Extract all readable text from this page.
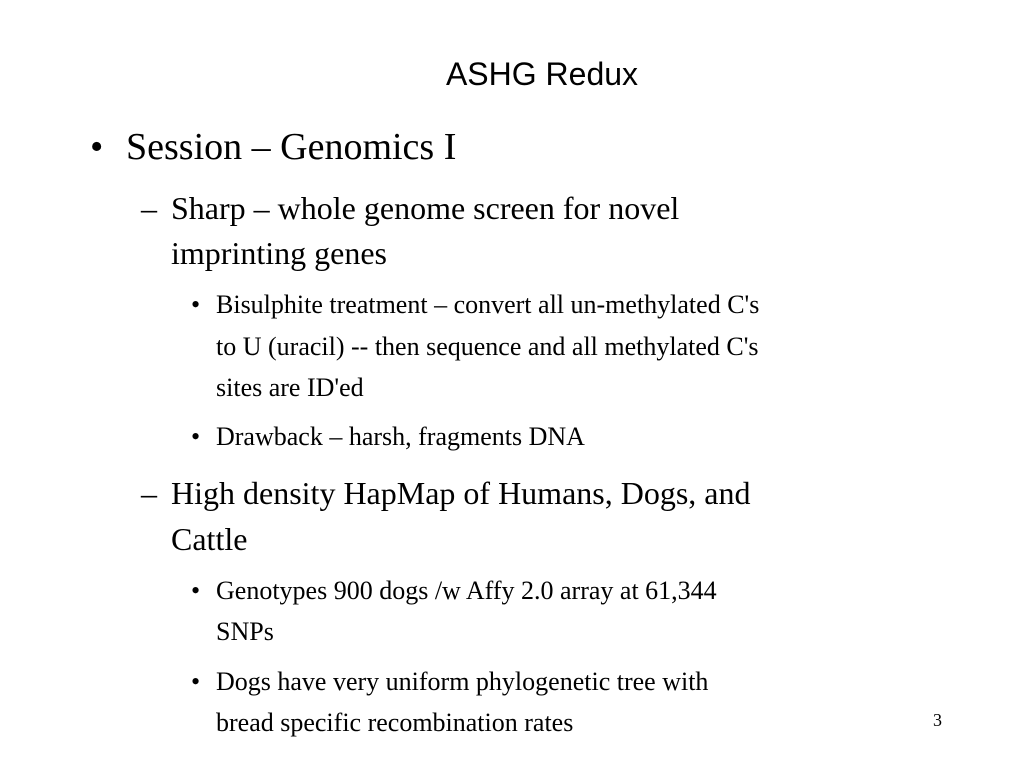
ASHG Redux
• Session – Genomics I

– Sharp – whole genome screen for novel

imprinting genes

• Bisulphite treatment – convert all un-methylated C's

to U (uracil) -- then sequence and all methylated C's

sites are ID'ed

• Drawback – harsh, fragments DNA

– High density HapMap of Humans, Dogs, and

Cattle

• Genotypes 900 dogs /w Affy 2.0 array at 61,344

SNPs

• Dogs have very uniform phylogenetic tree with

bread specific recombination rates	3
